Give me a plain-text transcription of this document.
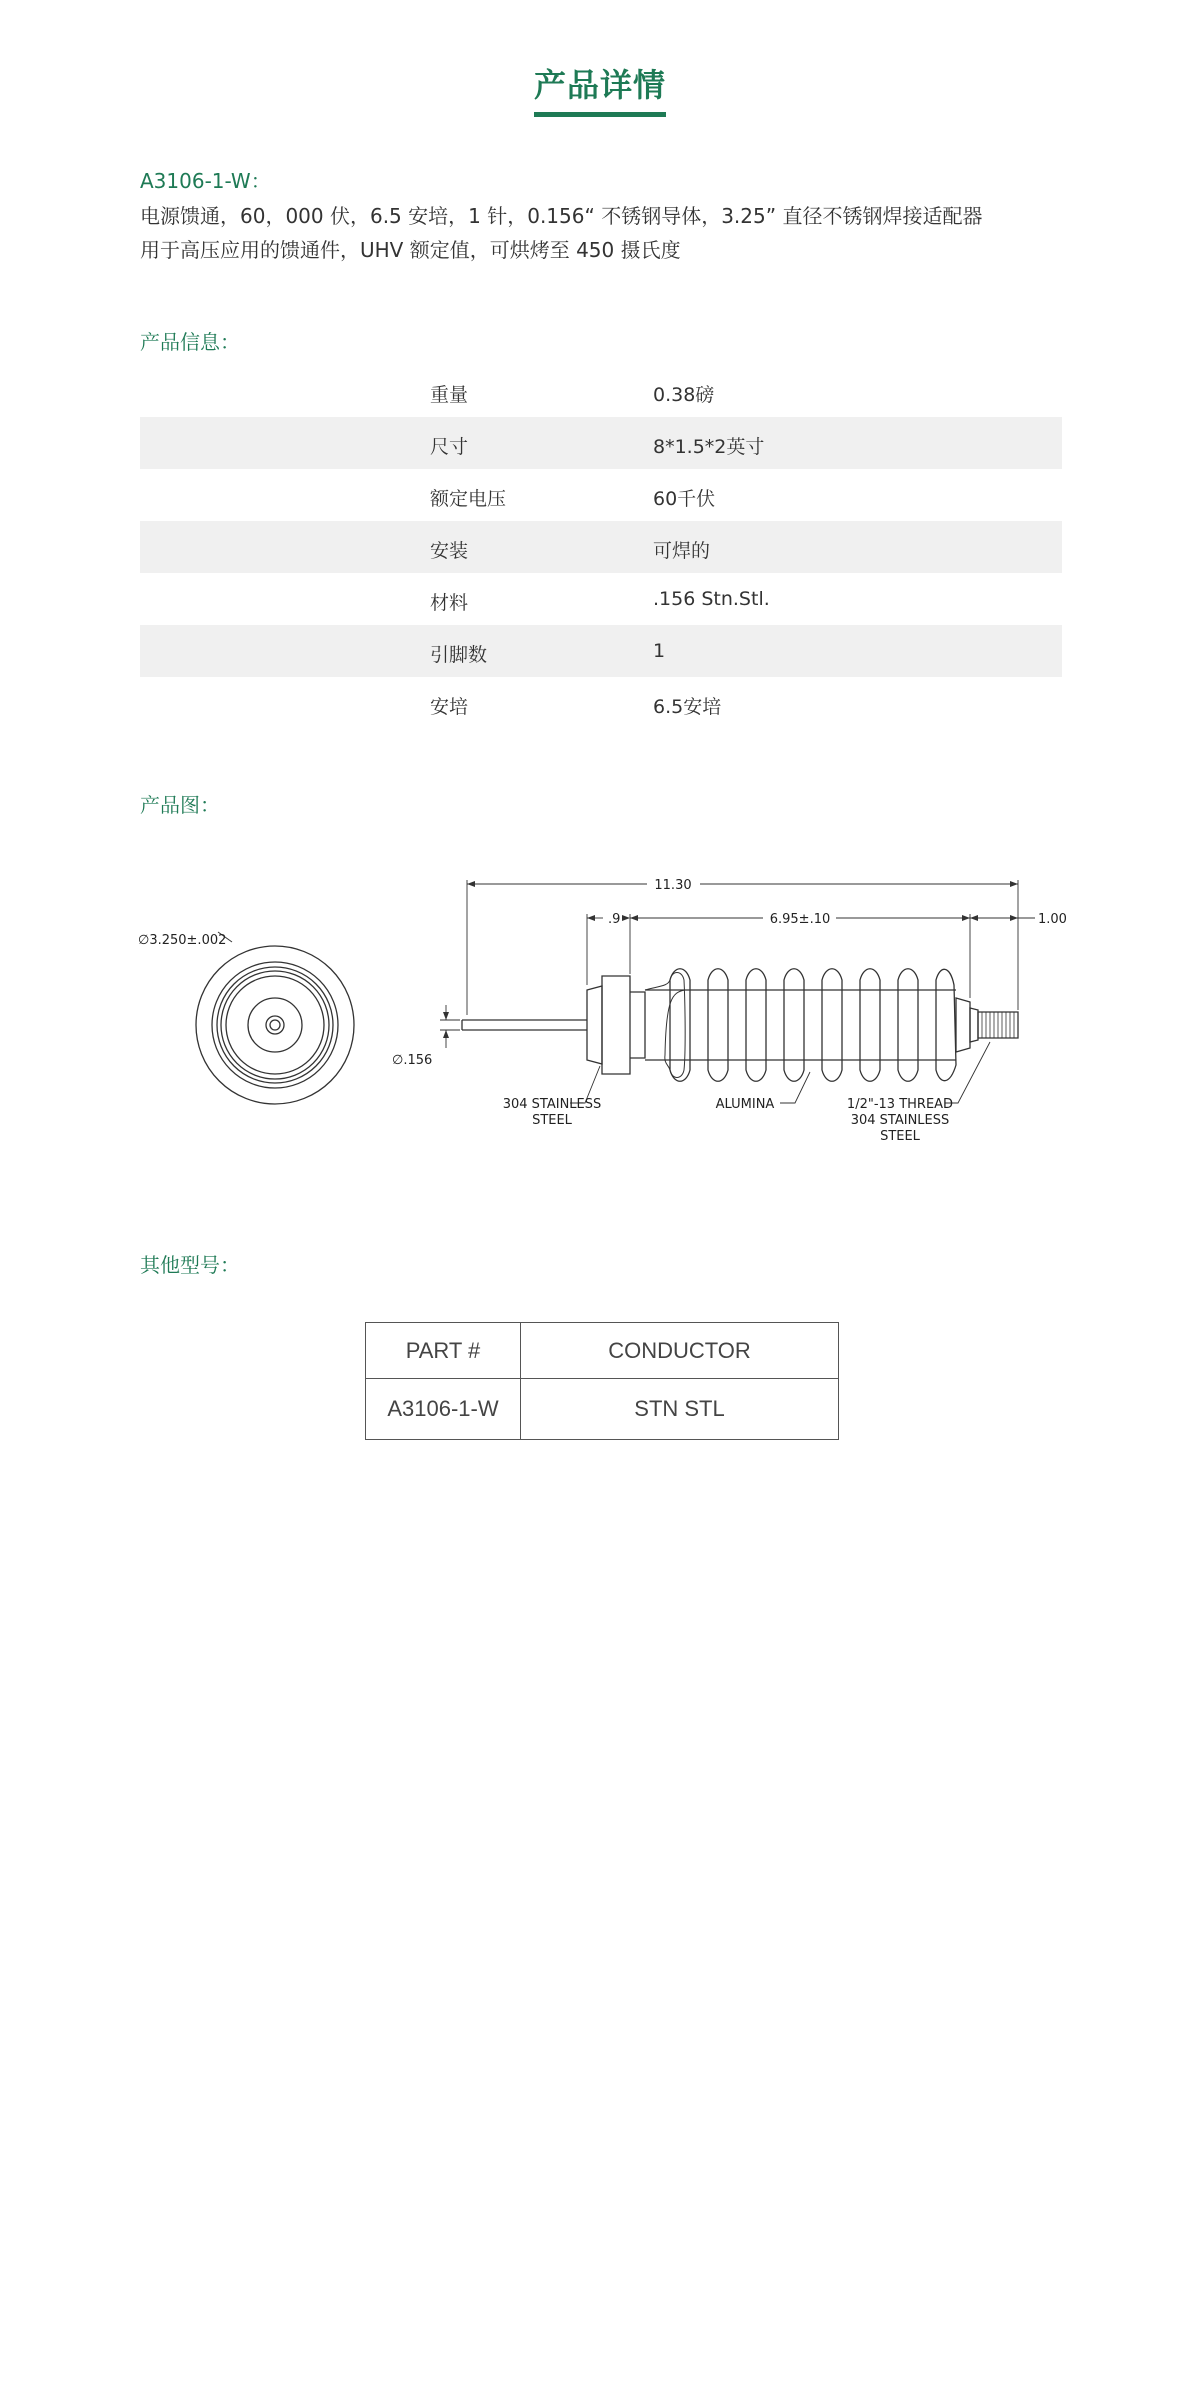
产品详情
A3106-1-W：
电源馈通，60，000 伏，6.5 安培，1 针，0.156“ 不锈钢导体，3.25” 直径不锈钢焊接适配器
用于高压应用的馈通件，UHV 额定值，可烘烤至 450 摄氏度
产品信息：
重量	0.38磅
尺寸	8*1.5*2英寸
额定电压	60千伏
安装	可焊的
材料	.156 Stn.Stl.
引脚数	1
安培	6.5安培
产品图：
∅3.250±.002
∅.156
11.30
.9	6.95±.10	1.00
304 STAINLESS
STEEL
ALUMINA	1/2"-13 THREAD
304 STAINLESS
STEEL
其他型号：
PART #	CONDUCTOR
A3106-1-W	STN STL
